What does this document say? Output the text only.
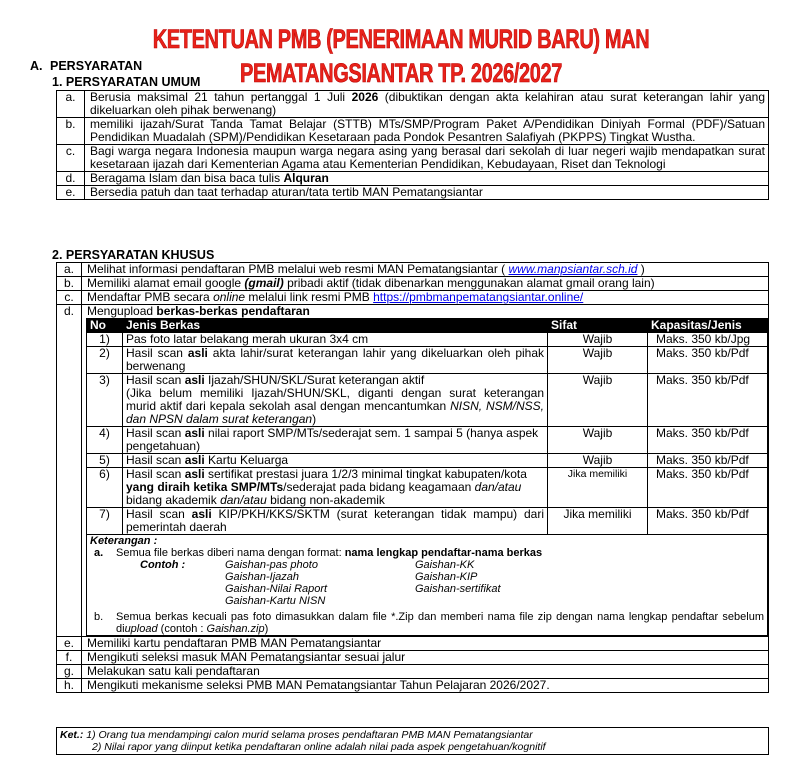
KETENTUAN PMB (PENERIMAAN MURID BARU) MAN PEMATANGSIANTAR TP. 2026/2027
A. PERSYARATAN
1. PERSYARATAN UMUM
a.	Berusia maksimal 21 tahun pertanggal 1 Juli 2026 (dibuktikan dengan akta kelahiran atau surat keterangan lahir yang dikeluarkan oleh pihak berwenang)
b.	memiliki ijazah/Surat Tanda Tamat Belajar (STTB) MTs/SMP/Program Paket A/Pendidikan Diniyah Formal (PDF)/Satuan Pendidikan Muadalah (SPM)/Pendidikan Kesetaraan pada Pondok Pesantren Salafiyah (PKPPS) Tingkat Wustha.
c.	Bagi warga negara Indonesia maupun warga negara asing yang berasal dari sekolah di luar negeri wajib mendapatkan surat kesetaraan ijazah dari Kementerian Agama atau Kementerian Pendidikan, Kebudayaan, Riset dan Teknologi
d.	Beragama Islam dan bisa baca tulis Alquran
e.	Bersedia patuh dan taat terhadap aturan/tata tertib MAN Pematangsiantar
2. PERSYARATAN KHUSUS
a.	Melihat informasi pendaftaran PMB melalui web resmi MAN Pematangsiantar ( www.manpsiantar.sch.id )
b.	Memiliki alamat email google (gmail) pribadi aktif (tidak dibenarkan menggunakan alamat gmail orang lain)
c.	Mendaftar PMB secara online melalui link resmi PMB https://pmbmanpematangsiantar.online/
d.	Mengupload berkas-berkas pendaftaran
No	Jenis Berkas	Sifat	Kapasitas/Jenis
1)	Pas foto latar belakang merah ukuran 3x4 cm	Wajib	Maks. 350 kb/Jpg
2)	Hasil scan asli akta lahir/surat keterangan lahir yang dikeluarkan oleh pihak berwenang	Wajib	Maks. 350 kb/Pdf
3)	Hasil scan asli Ijazah/SHUN/SKL/Surat keterangan aktif
(Jika belum memiliki Ijazah/SHUN/SKL, diganti dengan surat keterangan murid aktif dari kepala sekolah asal dengan mencantumkan NISN, NSM/NSS, dan NPSN dalam surat keterangan)	Wajib	Maks. 350 kb/Pdf
4)	Hasil scan asli nilai raport SMP/MTs/sederajat sem. 1 sampai 5 (hanya aspek pengetahuan)	Wajib	Maks. 350 kb/Pdf
5)	Hasil scan asli Kartu Keluarga	Wajib	Maks. 350 kb/Pdf
6)	Hasil scan asli sertifikat prestasi juara 1/2/3 minimal tingkat kabupaten/kota yang diraih ketika SMP/MTs/sederajat pada bidang keagamaan dan/atau bidang akademik dan/atau bidang non-akademik	Jika memiliki	Maks. 350 kb/Pdf
7)	Hasil scan asli KIP/PKH/KKS/SKTM (surat keterangan tidak mampu) dari pemerintah daerah	Jika memiliki	Maks. 350 kb/Pdf

Keterangan :
a.	Semua file berkas diberi nama dengan format: nama lengkap pendaftar-nama berkas
Contoh :	Gaishan-pas photo
Gaishan-Ijazah
Gaishan-Nilai Raport
Gaishan-Kartu NISN
Gaishan-KK
Gaishan-KIP
Gaishan-sertifikat
b.	Semua berkas kecuali pas foto dimasukkan dalam file *.Zip dan memberi nama file zip dengan nama lengkap pendaftar sebelum diupload (contoh : Gaishan.zip)

e.	Memiliki kartu pendaftaran PMB MAN Pematangsiantar
f.	Mengikuti seleksi masuk MAN Pematangsiantar sesuai jalur
g.	Melakukan satu kali pendaftaran
h.	Mengikuti mekanisme seleksi PMB MAN Pematangsiantar Tahun Pelajaran 2026/2027.
Ket.: 1) Orang tua mendampingi calon murid selama proses pendaftaran PMB MAN Pematangsiantar
2) Nilai rapor yang diinput ketika pendaftaran online adalah nilai pada aspek pengetahuan/kognitif
